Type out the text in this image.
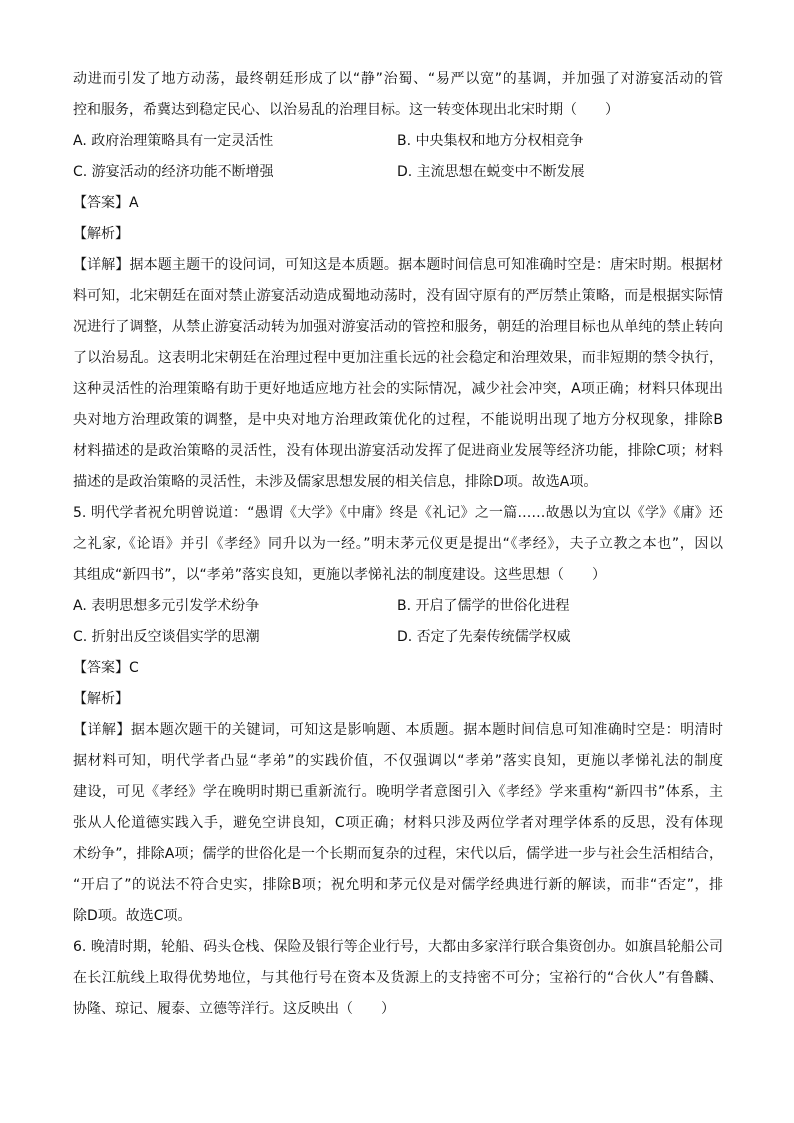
动进而引发了地方动荡，最终朝廷形成了以“静”治蜀、“易严以宽”的基调，并加强了对游宴活动的管
控和服务，希冀达到稳定民心、以治易乱的治理目标。这一转变体现出北宋时期（　　）
A. 政府治理策略具有一定灵活性	B. 中央集权和地方分权相竞争
C. 游宴活动的经济功能不断增强	D. 主流思想在蜕变中不断发展
【答案】A
【解析】
【详解】据本题主题干的设问词，可知这是本质题。据本题时间信息可知准确时空是：唐宋时期。根据材
料可知，北宋朝廷在面对禁止游宴活动造成蜀地动荡时，没有固守原有的严厉禁止策略，而是根据实际情
况进行了调整，从禁止游宴活动转为加强对游宴活动的管控和服务，朝廷的治理目标也从单纯的禁止转向
了以治易乱。这表明北宋朝廷在治理过程中更加注重长远的社会稳定和治理效果，而非短期的禁令执行，
这种灵活性的治理策略有助于更好地适应地方社会的实际情况，减少社会冲突，A项正确；材料只体现出
央对地方治理政策的调整，是中央对地方治理政策优化的过程，不能说明出现了地方分权现象，排除B
材料描述的是政治策略的灵活性，没有体现出游宴活动发挥了促进商业发展等经济功能，排除C项；材料
描述的是政治策略的灵活性，未涉及儒家思想发展的相关信息，排除D项。故选A项。
5. 明代学者祝允明曾说道：“愚谓《大学》《中庸》终是《礼记》之一篇……故愚以为宜以《学》《庸》还
之礼家,《论语》并引《孝经》同升以为一经。”明末茅元仪更是提出“《孝经》，夫子立教之本也”，因以
其组成“新四书”，以“孝弟”落实良知，更施以孝悌礼法的制度建设。这些思想（　　）
A. 表明思想多元引发学术纷争	B. 开启了儒学的世俗化进程
C. 折射出反空谈倡实学的思潮	D. 否定了先秦传统儒学权威
【答案】C
【解析】
【详解】据本题次题干的关键词，可知这是影响题、本质题。据本题时间信息可知准确时空是：明清时
据材料可知，明代学者凸显“孝弟”的实践价值，不仅强调以“孝弟”落实良知，更施以孝悌礼法的制度
建设，可见《孝经》学在晚明时期已重新流行。晚明学者意图引入《孝经》学来重构“新四书”体系，主
张从人伦道德实践入手，避免空讲良知，C项正确；材料只涉及两位学者对理学体系的反思，没有体现
术纷争”，排除A项；儒学的世俗化是一个长期而复杂的过程，宋代以后，儒学进一步与社会生活相结合，
“开启了”的说法不符合史实，排除B项；祝允明和茅元仪是对儒学经典进行新的解读，而非“否定”，排
除D项。故选C项。
6. 晚清时期，轮船、码头仓栈、保险及银行等企业行号，大都由多家洋行联合集资创办。如旗昌轮船公司
在长江航线上取得优势地位，与其他行号在资本及货源上的支持密不可分；宝裕行的“合伙人”有鲁麟、
协隆、琼记、履泰、立德等洋行。这反映出（　　）
